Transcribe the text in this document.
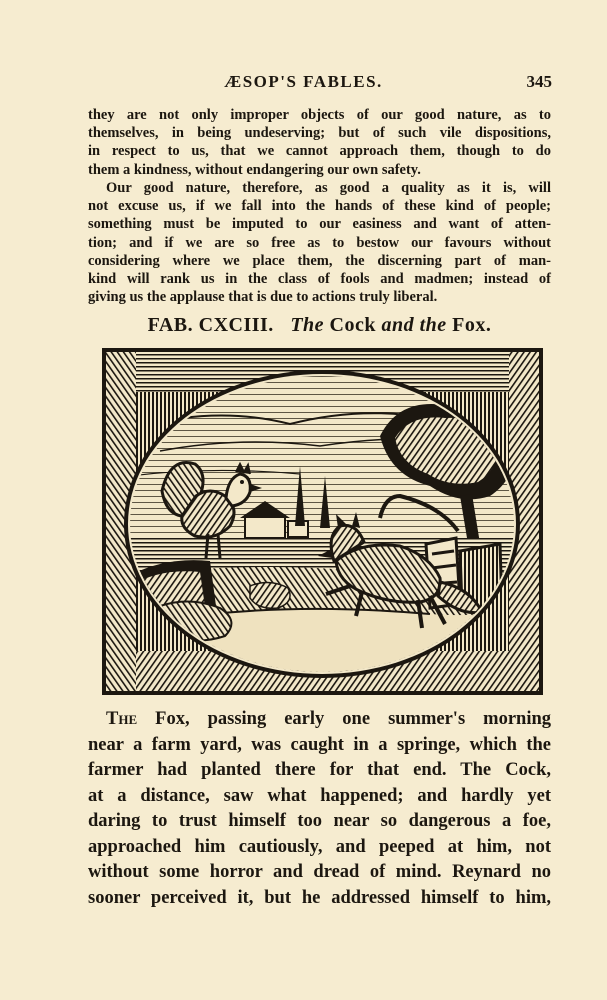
ÆSOP'S FABLES.	345
they are not only improper objects of our good nature, as to
themselves, in being undeserving; but of such vile dispositions,
in respect to us, that we cannot approach them, though to do
them a kindness, without endangering our own safety.
Our good nature, therefore, as good a quality as it is, will
not excuse us, if we fall into the hands of these kind of people;
something must be imputed to our easiness and want of atten-
tion; and if we are so free as to bestow our favours without
considering where we place them, the discerning part of man-
kind will rank us in the class of fools and madmen; instead of
giving us the applause that is due to actions truly liberal.
FAB. CXCIII. The Cock and the Fox.
The Fox, passing early one summer's morning
near a farm yard, was caught in a springe, which the
farmer had planted there for that end. The Cock,
at a distance, saw what happened; and hardly yet
daring to trust himself too near so dangerous a foe,
approached him cautiously, and peeped at him, not
without some horror and dread of mind. Reynard no
sooner perceived it, but he addressed himself to him,
